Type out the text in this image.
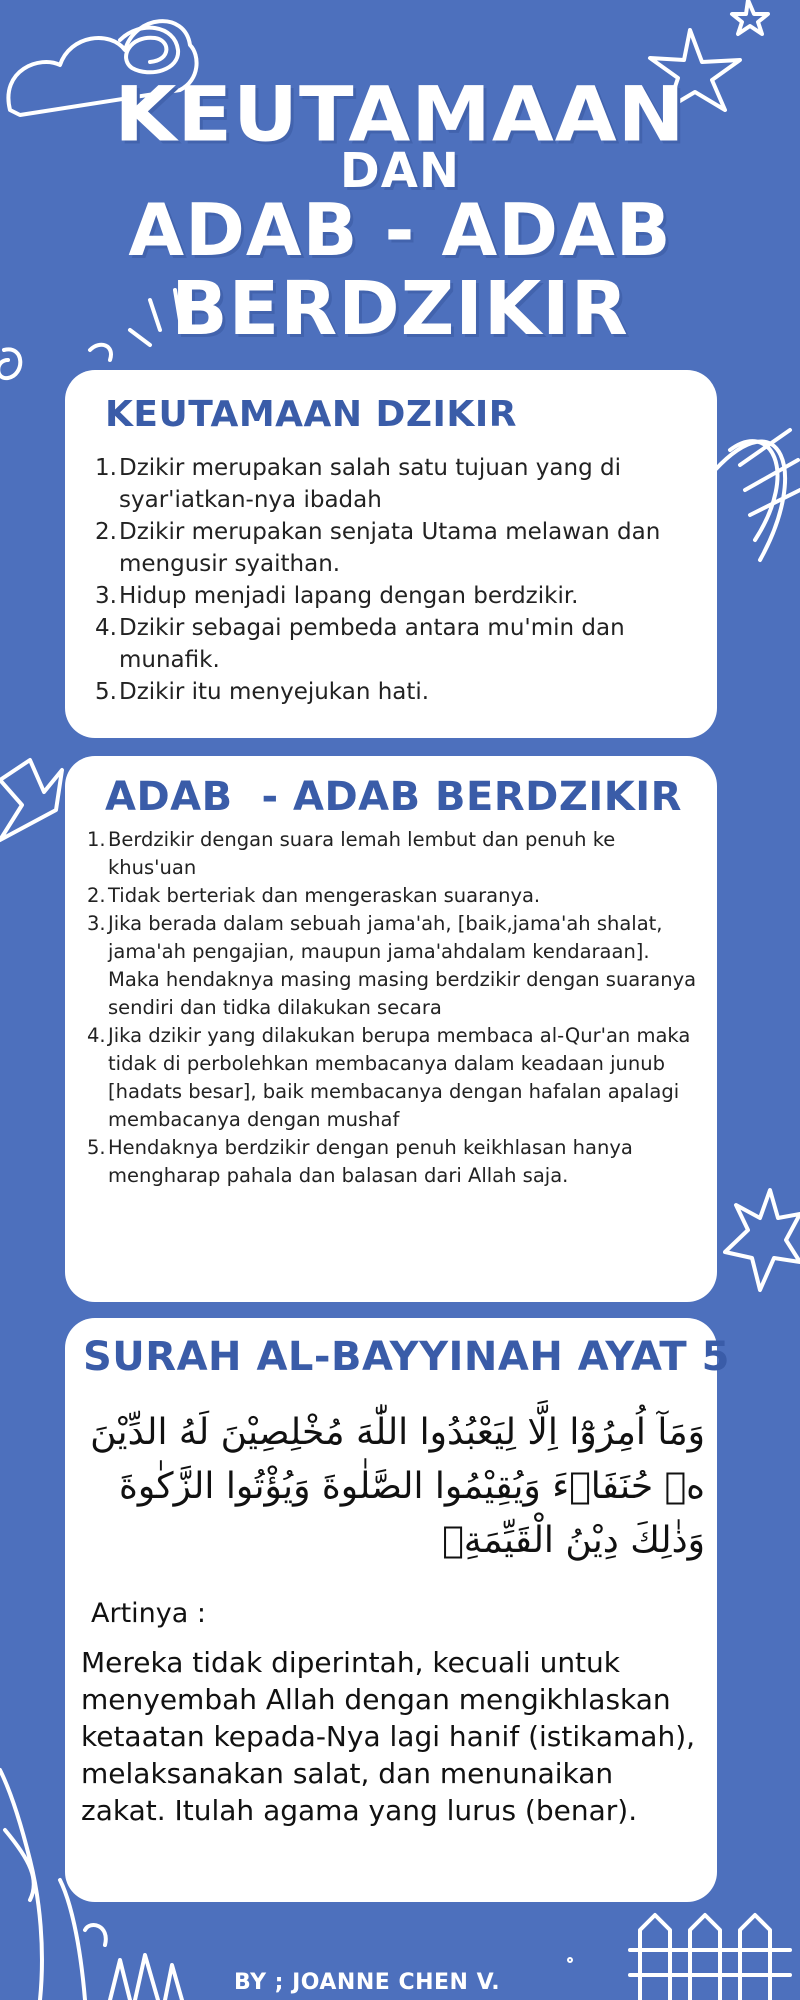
KEUTAMAAN
DAN
ADAB - ADAB
BERDZIKIR
KEUTAMAAN DZIKIR
1. Dzikir merupakan salah satu tujuan yang di syar'iatkan-nya ibadah
2. Dzikir merupakan senjata Utama melawan dan mengusir syaithan.
3. Hidup menjadi lapang dengan berdzikir.
4. Dzikir sebagai pembeda antara mu'min dan munafik.
5. Dzikir itu menyejukan hati.
ADAB  - ADAB BERDZIKIR
1. Berdzikir dengan suara lemah lembut dan penuh ke khus'uan
2. Tidak berteriak dan mengeraskan suaranya.
3. Jika berada dalam sebuah jama'ah, [baik,jama'ah shalat, jama'ah pengajian, maupun jama'ahdalam kendaraan]. Maka hendaknya masing masing berdzikir dengan suaranya sendiri dan tidka dilakukan secara
4. Jika dzikir yang dilakukan berupa membaca al-Qur'an maka tidak di perbolehkan membacanya dalam keadaan junub [hadats besar], baik membacanya dengan hafalan apalagi membacanya dengan mushaf
5. Hendaknya berdzikir dengan penuh keikhlasan hanya mengharap pahala dan balasan dari Allah saja.
SURAH AL-BAYYINAH AYAT 5
وَمَآ اُمِرُوْٓا اِلَّا لِيَعْبُدُوا اللّٰهَ مُخْلِصِيْنَ لَهُ الدِّيْنَ ەۙ حُنَفَاۤءَ وَيُقِيْمُوا الصَّلٰوةَ وَيُؤْتُوا الزَّكٰوةَ وَذٰلِكَ دِيْنُ الْقَيِّمَةِۗ
Artinya :
Mereka tidak diperintah, kecuali untuk menyembah Allah dengan mengikhlaskan ketaatan kepada-Nya lagi hanif (istikamah), melaksanakan salat, dan menunaikan zakat. Itulah agama yang lurus (benar).
BY ; JOANNE CHEN V.
